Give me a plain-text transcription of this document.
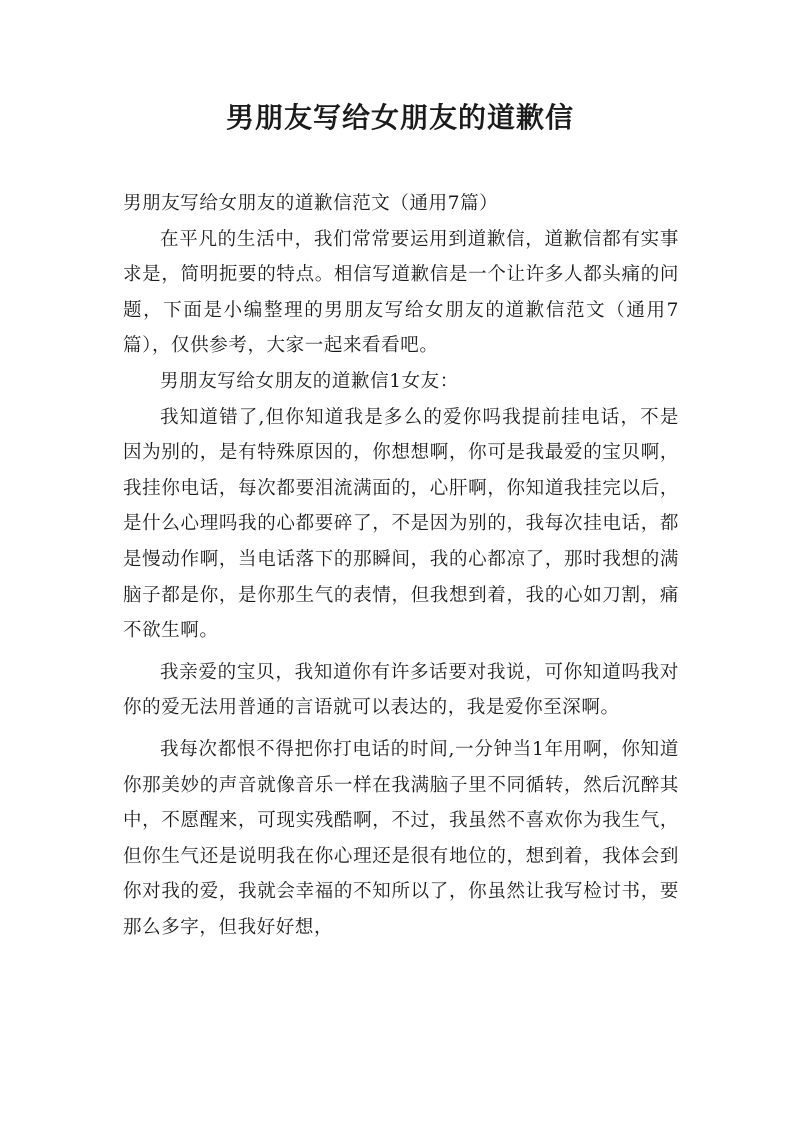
男朋友写给女朋友的道歉信

男朋友写给女朋友的道歉信范文（通用7篇）

在平凡的生活中，我们常常要运用到道歉信，道歉信都有实事求是，简明扼要的特点。相信写道歉信是一个让许多人都头痛的问题，下面是小编整理的男朋友写给女朋友的道歉信范文（通用7篇），仅供参考，大家一起来看看吧。

男朋友写给女朋友的道歉信1女友：

我知道错了,但你知道我是多么的爱你吗我提前挂电话，不是因为别的，是有特殊原因的，你想想啊，你可是我最爱的宝贝啊，我挂你电话，每次都要泪流满面的，心肝啊，你知道我挂完以后，是什么心理吗我的心都要碎了，不是因为别的，我每次挂电话，都是慢动作啊，当电话落下的那瞬间，我的心都凉了，那时我想的满脑子都是你，是你那生气的表情，但我想到着，我的心如刀割，痛不欲生啊。

我亲爱的宝贝，我知道你有许多话要对我说，可你知道吗我对你的爱无法用普通的言语就可以表达的，我是爱你至深啊。

我每次都恨不得把你打电话的时间,一分钟当1年用啊，你知道你那美妙的声音就像音乐一样在我满脑子里不同循转，然后沉醉其中，不愿醒来，可现实残酷啊，不过，我虽然不喜欢你为我生气，但你生气还是说明我在你心理还是很有地位的，想到着，我体会到你对我的爱，我就会幸福的不知所以了，你虽然让我写检讨书，要那么多字，但我好好想，
